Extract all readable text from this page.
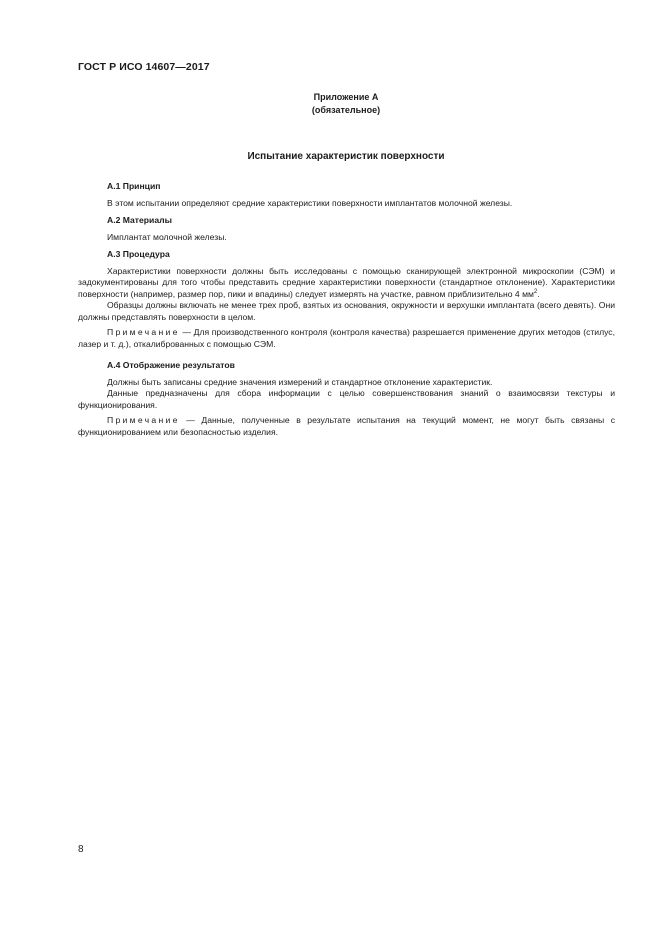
ГОСТ Р ИСО 14607—2017
Приложение А
(обязательное)
Испытание характеристик поверхности
А.1 Принцип

В этом испытании определяют средние характеристики поверхности имплантатов молочной железы.

А.2 Материалы

Имплантат молочной железы.

А.3 Процедура

Характеристики поверхности должны быть исследованы с помощью сканирующей электронной микроскопии (СЭМ) и задокументированы для того чтобы представить средние характеристики поверхности (стандартное отклонение). Характеристики поверхности (например, размер пор, пики и впадины) следует измерять на участке, равном приблизительно 4 $мм^2$.

Образцы должны включать не менее трех проб, взятых из основания, окружности и верхушки имплантата (всего девять). Они должны представлять поверхности в целом.

Примечание — Для производственного контроля (контроля качества) разрешается применение других методов (стилус, лазер и т. д.), откалиброванных с помощью СЭМ.

А.4 Отображение результатов

Должны быть записаны средние значения измерений и стандартное отклонение характеристик.

Данные предназначены для сбора информации с целью совершенствования знаний о взаимосвязи текстуры и функционирования.

Примечание — Данные, полученные в результате испытания на текущий момент, не могут быть связаны с функционированием или безопасностью изделия.

8
